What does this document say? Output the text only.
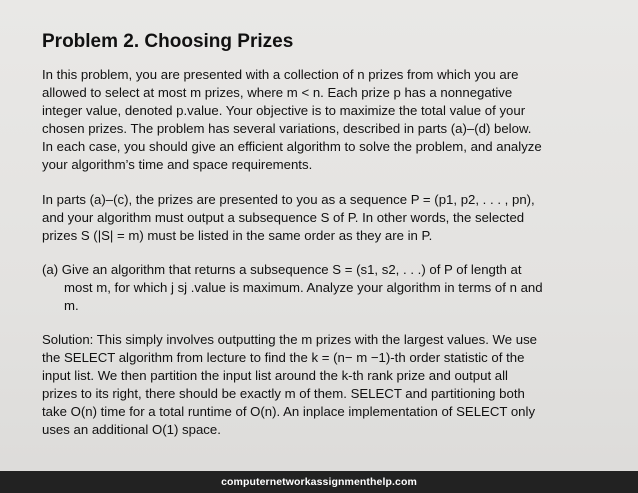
Problem 2. Choosing Prizes

In this problem, you are presented with a collection of n prizes from which you are
allowed to select at most m prizes, where m < n. Each prize p has a nonnegative
integer value, denoted p.value. Your objective is to maximize the total value of your
chosen prizes. The problem has several variations, described in parts (a)–(d) below.
In each case, you should give an efficient algorithm to solve the problem, and analyze
your algorithm’s time and space requirements.

In parts (a)–(c), the prizes are presented to you as a sequence P = (p1, p2, . . . , pn),
and your algorithm must output a subsequence S of P. In other words, the selected
prizes S (|S| = m) must be listed in the same order as they are in P.

(a) Give an algorithm that returns a subsequence S = (s1, s2, . . .) of P of length at
most m, for which j sj .value is maximum. Analyze your algorithm in terms of n and
m.

Solution: This simply involves outputting the m prizes with the largest values. We use
the SELECT algorithm from lecture to find the k = (n− m −1)-th order statistic of the
input list. We then partition the input list around the k-th rank prize and output all
prizes to its right, there should be exactly m of them. SELECT and partitioning both
take O(n) time for a total runtime of O(n). An inplace implementation of SELECT only
uses an additional O(1) space.

computernetworkassignmenthelp.com
